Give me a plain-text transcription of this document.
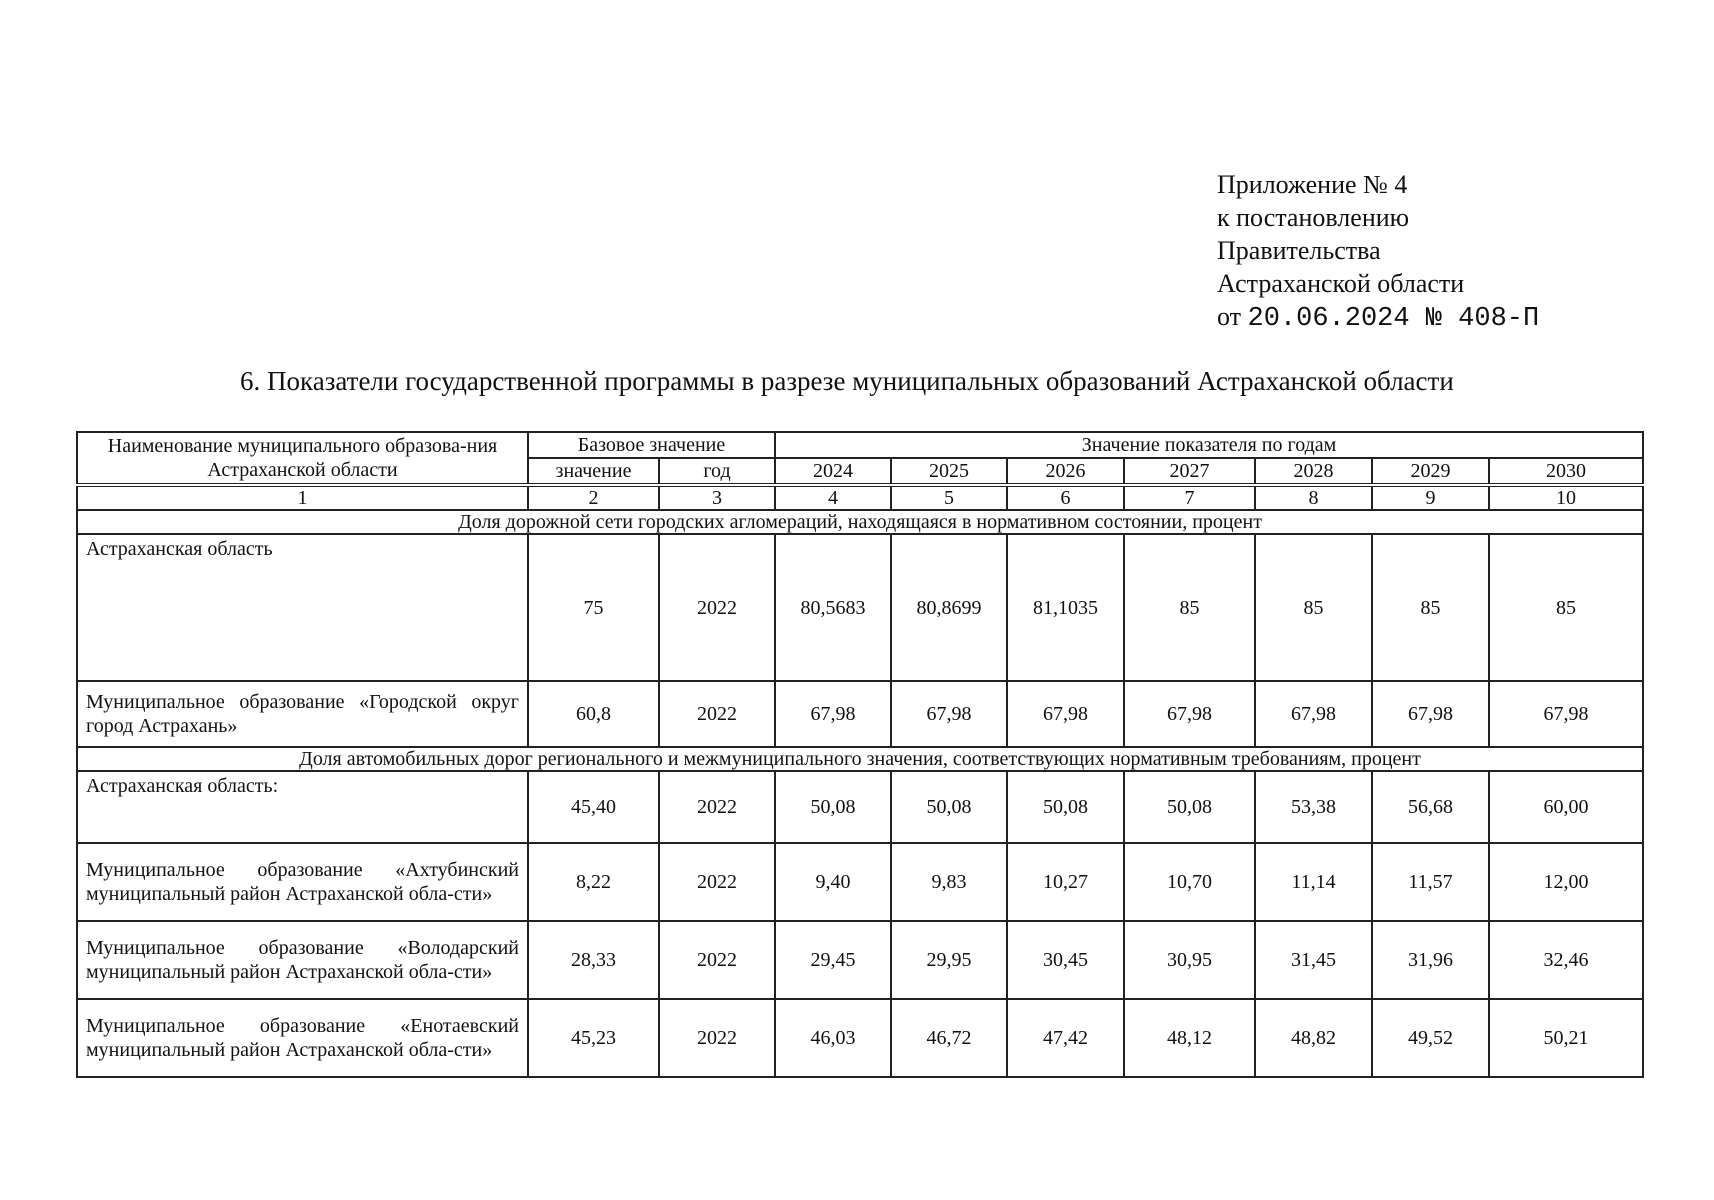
Приложение № 4
к постановлению
Правительства
Астраханской области
от 20.06.2024 № 408-П
6. Показатели государственной программы в разрезе муниципальных образований Астраханской области
Наименование муниципального образова-ния Астраханской области	Базовое значение		Значение показателя по годам						
	значение	год	2024	2025	2026	2027	2028	2029	2030
1	2	3	4	5	6	7	8	9	10
Доля дорожной сети городских агломераций, находящаяся в нормативном состоянии, процент									
Астраханская область	75	2022	80,5683	80,8699	81,1035	85	85	85	85
Муниципальное образование «Городской округ город Астрахань»	60,8	2022	67,98	67,98	67,98	67,98	67,98	67,98	67,98
Доля автомобильных дорог регионального и межмуниципального значения, соответствующих нормативным требованиям, процент									
Астраханская область:	45,40	2022	50,08	50,08	50,08	50,08	53,38	56,68	60,00
Муниципальное образование «Ахтубинский муниципальный район Астраханской обла-сти»	8,22	2022	9,40	9,83	10,27	10,70	11,14	11,57	12,00
Муниципальное образование «Володарский муниципальный район Астраханской обла-сти»	28,33	2022	29,45	29,95	30,45	30,95	31,45	31,96	32,46
Муниципальное образование «Енотаевский муниципальный район Астраханской обла-сти»	45,23	2022	46,03	46,72	47,42	48,12	48,82	49,52	50,21
